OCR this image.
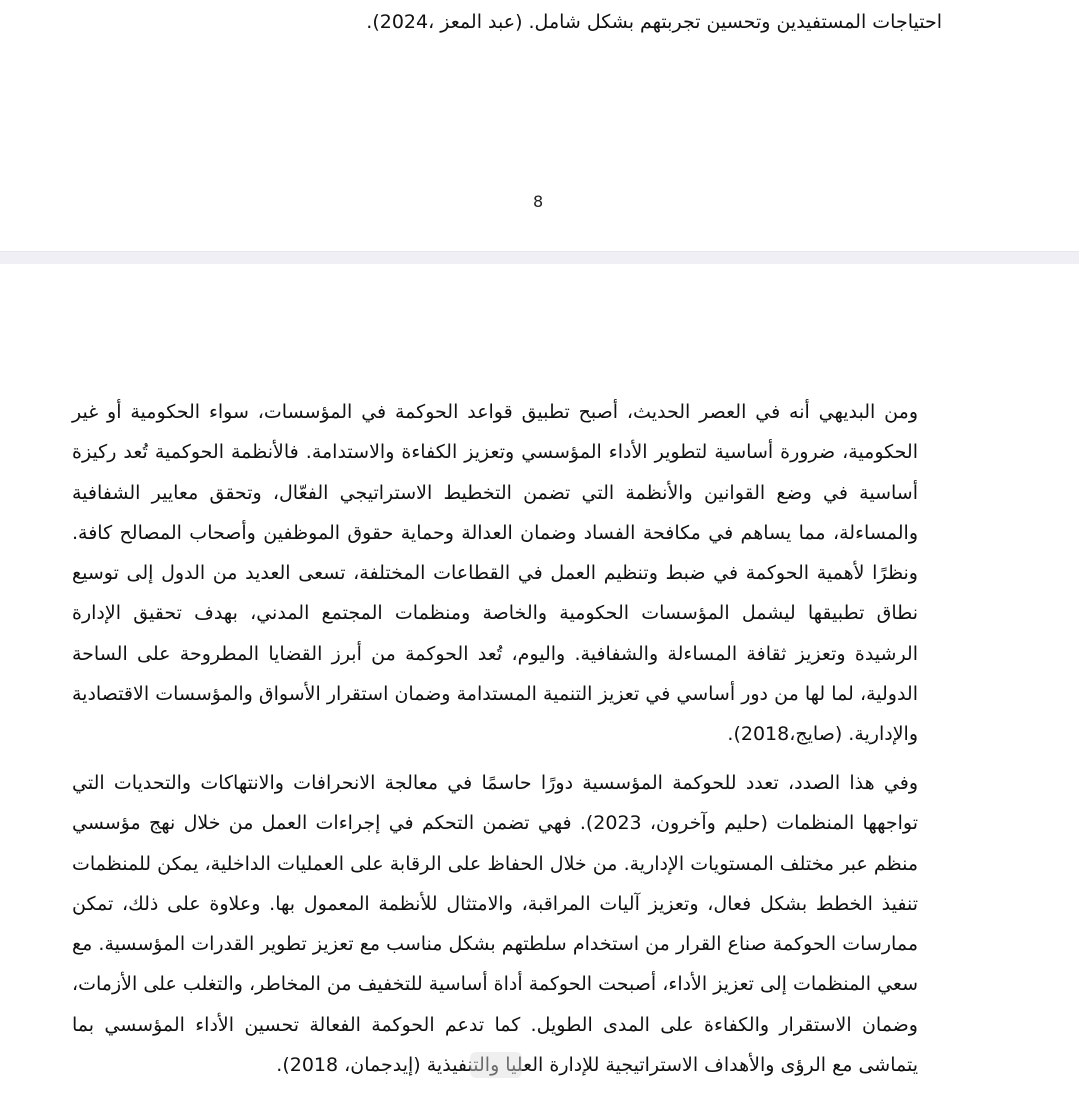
احتياجات المستفيدين وتحسين تجربتهم بشكل شامل. (عبد المعز ،2024).
8

ومن البديهي أنه في العصر الحديث، أصبح تطبيق قواعد الحوكمة في المؤسسات، سواء الحكومية أو غير الحكومية، ضرورة أساسية لتطوير الأداء المؤسسي وتعزيز الكفاءة والاستدامة. فالأنظمة الحوكمية تُعد ركيزة أساسية في وضع القوانين والأنظمة التي تضمن التخطيط الاستراتيجي الفعّال، وتحقق معايير الشفافية والمساءلة، مما يساهم في مكافحة الفساد وضمان العدالة وحماية حقوق الموظفين وأصحاب المصالح كافة. ونظرًا لأهمية الحوكمة في ضبط وتنظيم العمل في القطاعات المختلفة، تسعى العديد من الدول إلى توسيع نطاق تطبيقها ليشمل المؤسسات الحكومية والخاصة ومنظمات المجتمع المدني، بهدف تحقيق الإدارة الرشيدة وتعزيز ثقافة المساءلة والشفافية. واليوم، تُعد الحوكمة من أبرز القضايا المطروحة على الساحة الدولية، لما لها من دور أساسي في تعزيز التنمية المستدامة وضمان استقرار الأسواق والمؤسسات الاقتصادية والإدارية. (صايج،2018).

وفي هذا الصدد، تعدد للحوكمة المؤسسية دورًا حاسمًا في معالجة الانحرافات والانتهاكات والتحديات التي تواجهها المنظمات (حليم وآخرون، 2023). فهي تضمن التحكم في إجراءات العمل من خلال نهج مؤسسي منظم عبر مختلف المستويات الإدارية. من خلال الحفاظ على الرقابة على العمليات الداخلية، يمكن للمنظمات تنفيذ الخطط بشكل فعال، وتعزيز آليات المراقبة، والامتثال للأنظمة المعمول بها. وعلاوة على ذلك، تمكن ممارسات الحوكمة صناع القرار من استخدام سلطتهم بشكل مناسب مع تعزيز تطوير القدرات المؤسسية. مع سعي المنظمات إلى تعزيز الأداء، أصبحت الحوكمة أداة أساسية للتخفيف من المخاطر، والتغلب على الأزمات، وضمان الاستقرار والكفاءة على المدى الطويل. كما تدعم الحوكمة الفعالة تحسين الأداء المؤسسي بما يتماشى مع الرؤى والأهداف الاستراتيجية للإدارة العليا والتنفيذية (إيدجمان، 2018).
